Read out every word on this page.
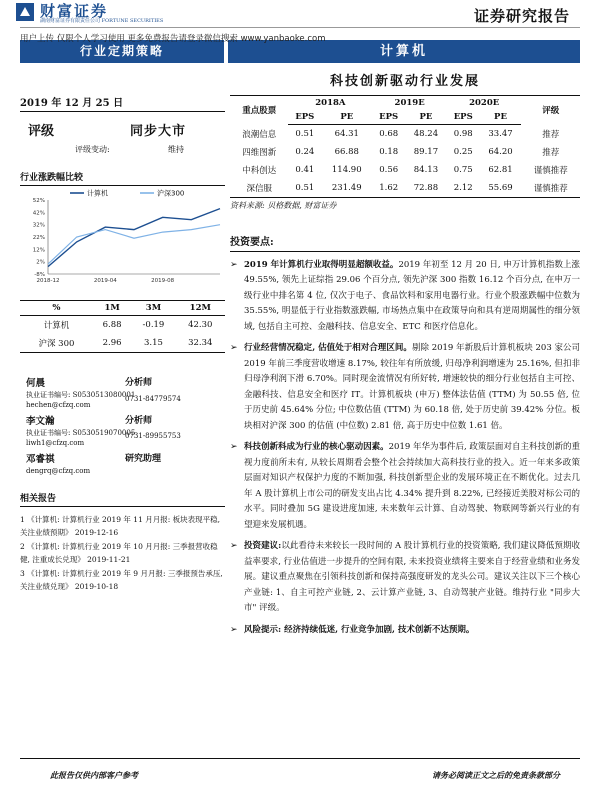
财富证券
湖南财富证券有限责任公司 FORTUNE SECURITIES	证券研究报告
用户上传 仅限个人学习使用 更多免费报告请登录微信搜索 www.yanbaoke.com
行业定期策略	计算机
科技创新驱动行业发展
2019 年 12 月 25 日
评级	同步大市
评级变动:	维持
行业涨跌幅比较
52%
42%
32%
22%
12%
2%
-8%
2018-12	2019-04	2019-08
计算机	沪深300
%	1M	3M	12M
计算机	6.88	-0.19	42.30
沪深 300	2.96	3.15	32.34
何晨	分析师
执业证书编号: S0530513080001
hechen@cfzq.com
0731-84779574
李文瀚	分析师
执业证书编号: S0530519070005
liwh1@cfzq.com
0731-89955753
邓睿祺	研究助理
dengrq@cfzq.com
相关报告
1 《计算机: 计算机行业 2019 年 11 月月报: 板块表现平稳, 关注业绩预期》 2019-12-16
2 《计算机: 计算机行业 2019 年 10 月月报: 三季报营收稳健, 注重成长兑现》 2019-11-21
3 《计算机: 计算机行业 2019 年 9 月月报: 三季报预告承压, 关注业绩兑现》 2019-10-18
重点股票	2018A		2019E		2020E		评级
	EPS	PE	EPS	PE	EPS	PE	
浪潮信息	0.51	64.31	0.68	48.24	0.98	33.47	推荐
四维图新	0.24	66.88	0.18	89.17	0.25	64.20	推荐
中科创达	0.41	114.90	0.56	84.13	0.75	62.81	谨慎推荐
深信服	0.51	231.49	1.62	72.88	2.12	55.69	谨慎推荐
资料来源: 贝格数据, 财富证券
投资要点:
➢ 2019 年计算机行业取得明显超额收益。2019 年初至 12 月 20 日, 申万计算机指数上涨 49.55%, 领先上证综指 29.06 个百分点, 领先沪深 300 指数 16.12 个百分点, 在申万一级行业中排名第 4 位, 仅次于电子、食品饮料和家用电器行业。行业个股涨跌幅中位数为 35.55%, 明显低于行业指数涨跌幅, 市场热点集中在政策导向和具有逆周期属性的细分领域, 包括自主可控、金融科技、信息安全、ETC 和医疗信息化。
➢ 行业经营情况稳定, 估值处于相对合理区间。剔除 2019 年新股后计算机板块 203 家公司 2019 年前三季度营收增速 8.17%, 较往年有所放缓, 归母净利润增速为 25.16%, 但扣非归母净利润下滑 6.70%。同时现金流情况有所好转, 增速较快的细分行业包括自主可控、金融科技、信息安全和医疗 IT。计算机板块 (申万) 整体法估值 (TTM) 为 50.55 倍, 位于历史前 45.64% 分位; 中位数估值 (TTM) 为 60.18 倍, 处于历史前 39.42% 分位。板块相对沪深 300 的估值 (中位数) 2.81 倍, 高于历史中位数 1.61 倍。
➢ 科技创新科成为行业的核心驱动因素。2019 年华为事件后, 政策层面对自主科技创新的重视力度前所未有, 从较长周期看会整个社会持续加大高科技行业的投入。近一年来多政策层面对知识产权保护力度的不断加强, 科技创新型企业的发展环境正在不断优化。过去几年 A 股计算机上市公司的研发支出占比 4.34% 提升到 8.22%, 已经接近美股对标公司的水平。同时叠加 5G 建设进度加速, 未来数年云计算、自动驾驶、物联网等新兴行业的有望迎来发展机遇。
➢ 投资建议:以此看待未来较长一段时间的 A 股计算机行业的投资策略, 我们建议降低预期收益率要求, 行业估值进一步提升的空间有限, 未来投资业绩将主要来自于经营业绩和业务发展。建议重点聚焦在引领科技创新和保持高强度研发的龙头公司。建议关注以下三个核心产业链: 1、自主可控产业链, 2、云计算产业链, 3、自动驾驶产业链。维持行业 "同步大市" 评级。
➢ 风险提示: 经济持续低迷, 行业竞争加剧, 技术创新不达预期。
此报告仅供内部客户参考	请务必阅读正文之后的免责条款部分
